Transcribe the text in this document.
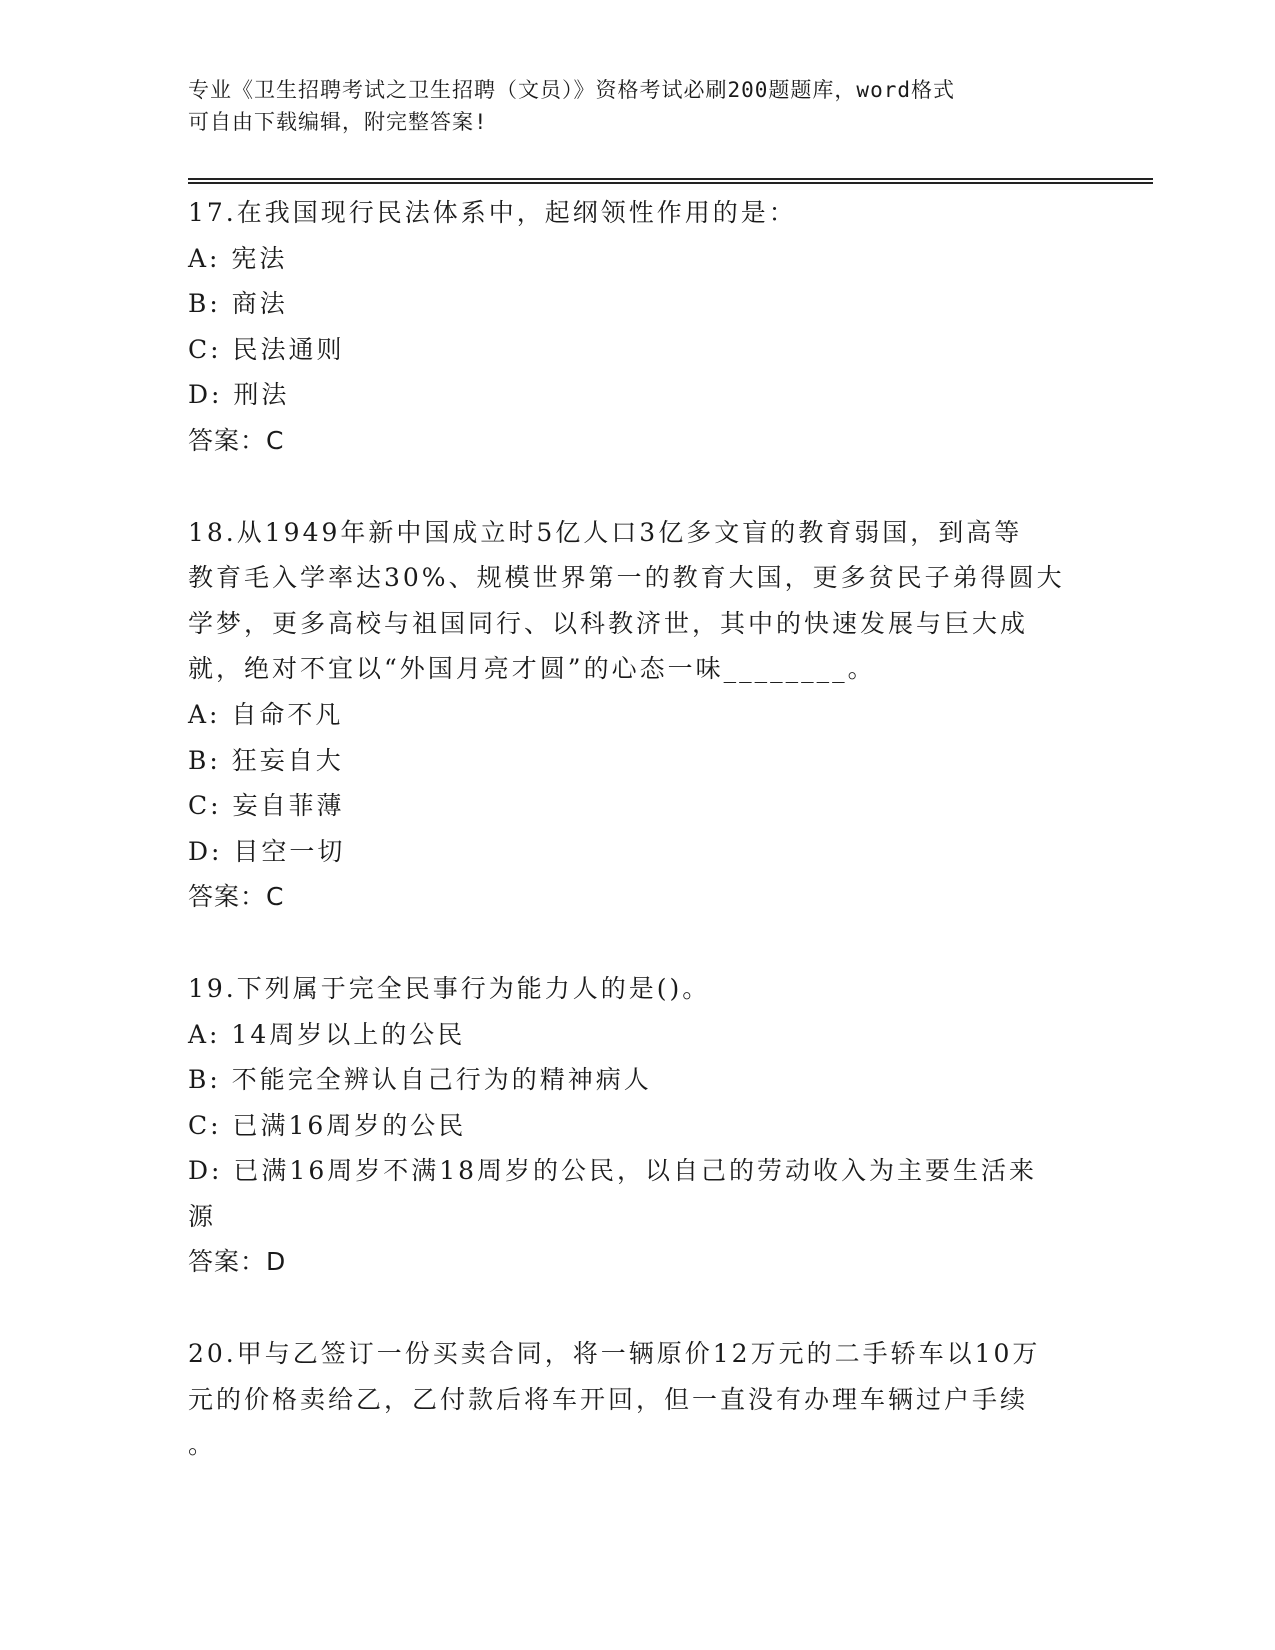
专业《卫生招聘考试之卫生招聘（文员）》资格考试必刷200题题库，word格式
可自由下载编辑，附完整答案!
17.在我国现行民法体系中，起纲领性作用的是：
A: 宪法
B: 商法
C: 民法通则
D: 刑法
答案：C
18.从1949年新中国成立时5亿人口3亿多文盲的教育弱国，到高等
教育毛入学率达30%、规模世界第一的教育大国，更多贫民子弟得圆大
学梦，更多高校与祖国同行、以科教济世，其中的快速发展与巨大成
就，绝对不宜以“外国月亮才圆”的心态一味________。
A: 自命不凡
B: 狂妄自大
C: 妄自菲薄
D: 目空一切
答案：C
19.下列属于完全民事行为能力人的是()。
A: 14周岁以上的公民
B: 不能完全辨认自己行为的精神病人
C: 已满16周岁的公民
D: 已满16周岁不满18周岁的公民，以自己的劳动收入为主要生活来
源
答案：D
20.甲与乙签订一份买卖合同，将一辆原价12万元的二手轿车以10万
元的价格卖给乙，乙付款后将车开回，但一直没有办理车辆过户手续
。
